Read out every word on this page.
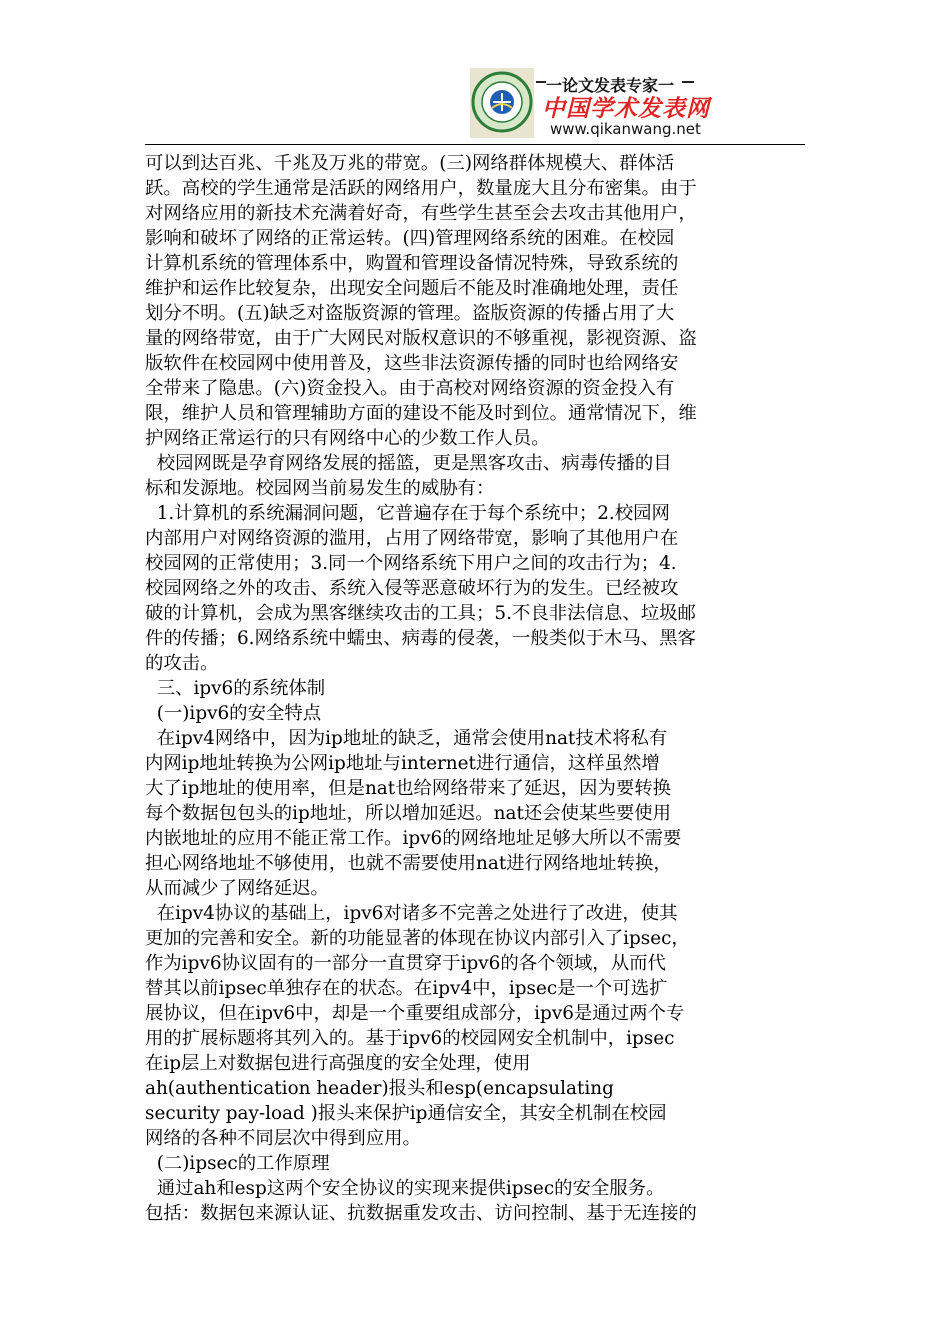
一论文发表专家一
中国学术发表网
www.qikanwang.net
可以到达百兆、千兆及万兆的带宽。(三)网络群体规模大、群体活
跃。高校的学生通常是活跃的网络用户，数量庞大且分布密集。由于
对网络应用的新技术充满着好奇，有些学生甚至会去攻击其他用户，
影响和破坏了网络的正常运转。(四)管理网络系统的困难。在校园
计算机系统的管理体系中，购置和管理设备情况特殊，导致系统的
维护和运作比较复杂，出现安全问题后不能及时准确地处理，责任
划分不明。(五)缺乏对盗版资源的管理。盗版资源的传播占用了大
量的网络带宽，由于广大网民对版权意识的不够重视，影视资源、盗
版软件在校园网中使用普及，这些非法资源传播的同时也给网络安
全带来了隐患。(六)资金投入。由于高校对网络资源的资金投入有
限，维护人员和管理辅助方面的建设不能及时到位。通常情况下，维
护网络正常运行的只有网络中心的少数工作人员。
校园网既是孕育网络发展的摇篮，更是黑客攻击、病毒传播的目
标和发源地。校园网当前易发生的威胁有：
1.计算机的系统漏洞问题，它普遍存在于每个系统中；2.校园网
内部用户对网络资源的滥用，占用了网络带宽，影响了其他用户在
校园网的正常使用；3.同一个网络系统下用户之间的攻击行为；4.
校园网络之外的攻击、系统入侵等恶意破坏行为的发生。已经被攻
破的计算机，会成为黑客继续攻击的工具；5.不良非法信息、垃圾邮
件的传播；6.网络系统中蠕虫、病毒的侵袭，一般类似于木马、黑客
的攻击。
三、ipv6的系统体制
(一)ipv6的安全特点
在ipv4网络中，因为ip地址的缺乏，通常会使用nat技术将私有
内网ip地址转换为公网ip地址与internet进行通信，这样虽然增
大了ip地址的使用率，但是nat也给网络带来了延迟，因为要转换
每个数据包包头的ip地址，所以增加延迟。nat还会使某些要使用
内嵌地址的应用不能正常工作。ipv6的网络地址足够大所以不需要
担心网络地址不够使用，也就不需要使用nat进行网络地址转换，
从而减少了网络延迟。
在ipv4协议的基础上，ipv6对诸多不完善之处进行了改进，使其
更加的完善和安全。新的功能显著的体现在协议内部引入了ipsec，
作为ipv6协议固有的一部分一直贯穿于ipv6的各个领域，从而代
替其以前ipsec单独存在的状态。在ipv4中，ipsec是一个可选扩
展协议，但在ipv6中，却是一个重要组成部分，ipv6是通过两个专
用的扩展标题将其列入的。基于ipv6的校园网安全机制中，ipsec
在ip层上对数据包进行高强度的安全处理，使用
ah(authentication header)报头和esp(encapsulating
security pay-load )报头来保护ip通信安全，其安全机制在校园
网络的各种不同层次中得到应用。
(二)ipsec的工作原理
通过ah和esp这两个安全协议的实现来提供ipsec的安全服务。
包括：数据包来源认证、抗数据重发攻击、访问控制、基于无连接的
